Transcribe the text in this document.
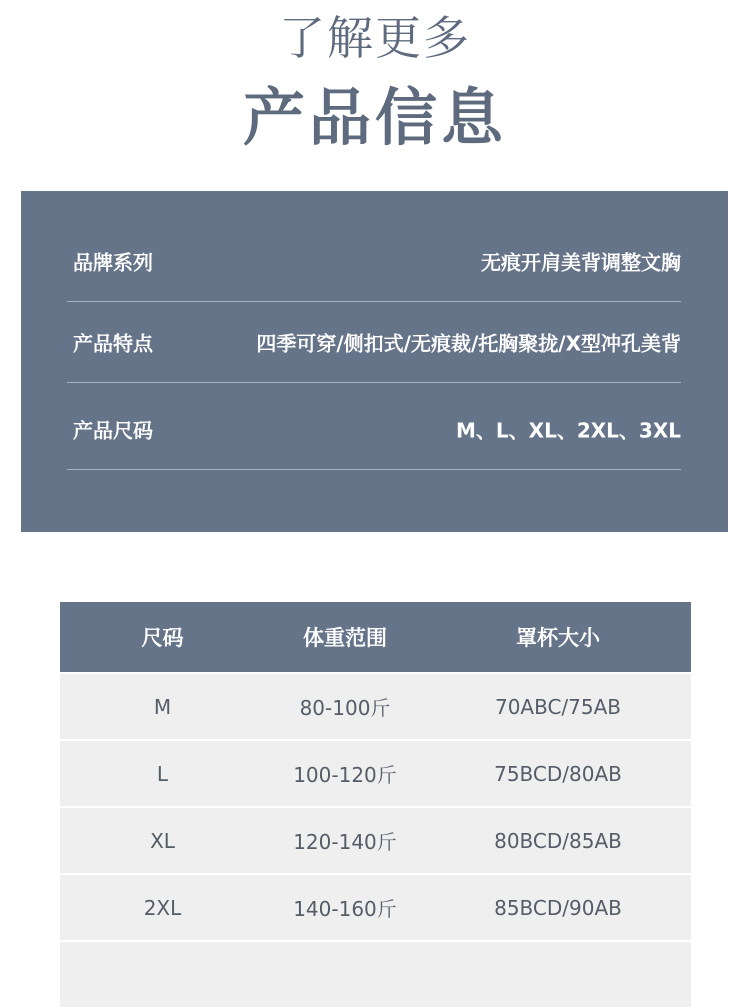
了解更多
产品信息
品牌系列	无痕开肩美背调整文胸
产品特点	四季可穿/侧扣式/无痕裁/托胸聚拢/X型冲孔美背
产品尺码	M、L、XL、2XL、3XL
尺码	体重范围	罩杯大小
M	80-100斤	70ABC/75AB
L	100-120斤	75BCD/80AB
XL	120-140斤	80BCD/85AB
2XL	140-160斤	85BCD/90AB
